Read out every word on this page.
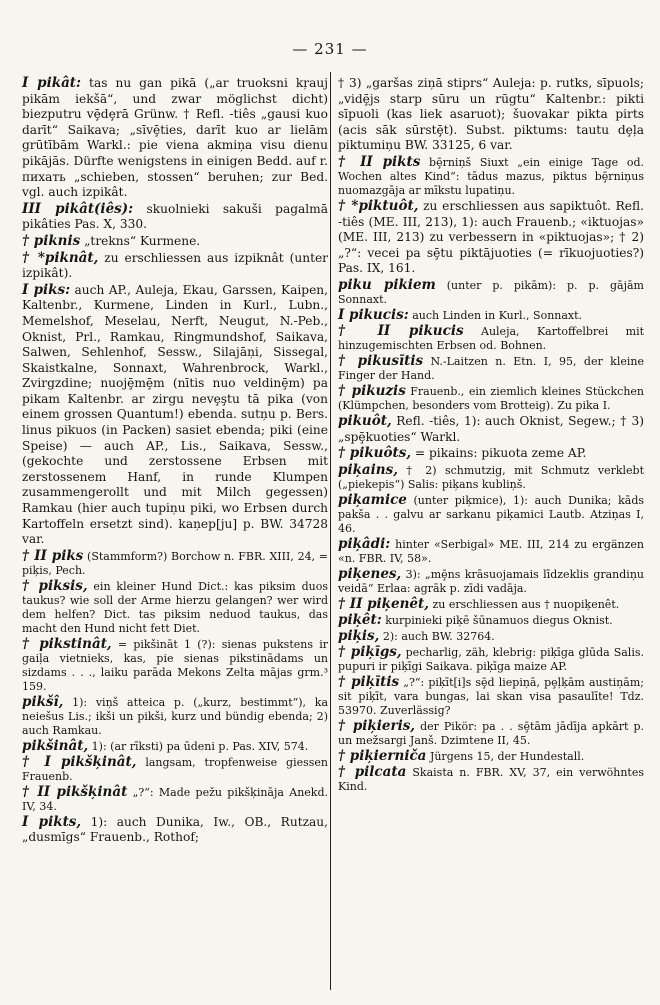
— 231 —

I pikât: tas nu gan pikā („ar truoksni kŗauj pikām iekšā“, und zwar möglichst dicht) biezputru vȩ̄dȩrā Grünw. † Refl. -tiês „gausi kuo darīt“ Saikava; „sīvȩ̄ties, darīt kuo ar lielām grūtībām Warkl.: pie viena akmiņa visu dienu pikājās. Dürfte wenigstens in einigen Bedd. auf r. пихать „schieben, stossen“ beruhen; zur Bed. vgl. auch izpikât.

III pikât(iês): skuolnieki sakuši pagalmā pikâties Pas. X, 330.

† piknis „trekns“ Kurmene.

† *piknât, zu erschliessen aus izpiknât (unter izpikât).

I piks: auch AP., Auleja, Ekau, Garssen, Kaipen, Kaltenbr., Kurmene, Linden in Kurl., Lubn., Memelshof, Meselau, Nerft, Neugut, N.-Peb., Oknist, Prl., Ramkau, Ringmundshof, Saikava, Salwen, Sehlenhof, Sessw., Silajāņi, Sissegal, Skaistkalne, Sonnaxt, Wahrenbrock, Warkl., Zvirgzdine; nuojȩ̄mȩ̄m (nītis nuo veldinȩ̄m) pa pikam Kaltenbr. ar zirgu nevȩştu tā pika (von einem grossen Quantum!) ebenda. sutņu p. Bers. linus pikuos (in Packen) sasiet ebenda; piki (eine Speise) — auch AP., Lis., Saikava, Sessw., (gekochte und zerstossene Erbsen mit zerstossenem Hanf, in runde Klumpen zusammengerollt und mit Milch gegessen) Ramkau (hier auch tupiņu piki, wo Erbsen durch Kartoffeln ersetzt sind). kaņep[ju] p. BW. 34728 var.

† II piks (Stammform?) Borchow n. FBR. XIII, 24, = piķis, Pech.

† piksis, ein kleiner Hund Dict.: kas piksim duos taukus? wie soll der Arme hierzu gelangen? wer wird dem helfen? Dict. tas piksim neduod taukus, das macht den Hund nicht fett Diet.

† pikstinât, = pikšināt 1 (?): sienas pukstens ir gaiļa vietnieks, kas, pie sienas pikstinādams un sizdams . . ., laiku parāda Mekons Zelta mājas grm.³ 159.

pikšî, 1): viņš atteica p. („kurz, bestimmt“), ka neiešus Lis.; ikši un pikši, kurz und bündig ebenda; 2) auch Ramkau.

pikšinât, 1): (ar rīksti) pa ūdeni p. Pas. XIV, 574.

† I pikšķinât, langsam, tropfenweise giessen Frauenb.

† II pikšķinât „?“: Made pežu pikšķināja Anekd. IV, 34.

I pikts, 1): auch Dunika, Iw., OB., Rutzau, „dusmīgs“ Frauenb., Rothof;

† 3) „garšas ziņā stiprs“ Auleja: p. rutks, sīpuols; „vidȩ̄js starp sūru un rūgtu“ Kaltenbr.: pikti sīpuoli (kas liek asaruot); šuovakar pikta pirts (acis sāk sūrstȩ̄t). Subst. piktums: tautu dȩļa piktumiņu BW. 33125, 6 var.

† II pikts bȩ̄rniņš Siuxt „ein einige Tage od. Wochen altes Kind“: tādus mazus, piktus bȩ̄rniņus nuomazgāja ar mīkstu lupatiņu.

† *piktuôt, zu erschliessen aus sapiktuôt. Refl. -tiês (ME. III, 213), 1): auch Frauenb.; «iktuojas» (ME. III, 213) zu verbessern in «piktuojas»; † 2) „?“: vecei pa sȩ̄tu piktājuoties (= rīkuojuoties?) Pas. IX, 161.

piku pikiem (unter p. pikām): p. p. gājām Sonnaxt.

I pikucis: auch Linden in Kurl., Sonnaxt.

† II pikucis Auleja, Kartoffelbrei mit hinzugemischten Erbsen od. Bohnen.

† pikusītis N.-Laitzen n. Etn. I, 95, der kleine Finger der Hand.

† pikuzis Frauenb., ein ziemlich kleines Stückchen (Klümpchen, besonders vom Brotteig). Zu pika I.

pikuôt, Refl. -tiês, 1): auch Oknist, Segew.; † 3) „spȩ̄kuoties“ Warkl.

† pikuôts, = pikains: pikuota zeme AP.

piķains, † 2) schmutzig, mit Schmutz verklebt („piekepis“) Salis: piķans kubliņš.

piķamice (unter piķmice), 1): auch Dunika; kāds pakša . . galvu ar sarkanu piķamici Lautb. Atziņas I, 46.

piķâdi: hinter «Serbigal» ME. III, 214 zu ergänzen «n. FBR. IV, 58».

piķenes, 3): „mȩ̄ns krāsuojamais līdzeklis grandiņu veidā“ Erlaa: agrāk p. zīdi vadāja.

† II piķenêt, zu erschliessen aus † nuopiķenêt.

piķêt: kurpinieki piķē šūnamuos diegus Oknist.

piķis, 2): auch BW. 32764.

† piķīgs, pecharlig, zäh, klebrig: piķīga glūda Salis. pupuri ir piķīgi Saikava. piķīga maize AP.

† piķītis „?“: piķīt[i]s sȩ̄d liepiņā, pȩļķām austiņām; sit piķīt, vara bungas, lai skan visa pasaulīte! Tdz. 53970. Zuverlässig?

† piķieris, der Pikör: pa . . sȩ̄tām jādīja apkārt p. un mežsargi Janš. Dzimtene II, 45.

† piķierniča Jürgens 15, der Hundestall.

† pilcata Skaista n. FBR. XV, 37, ein verwöhntes Kind.
